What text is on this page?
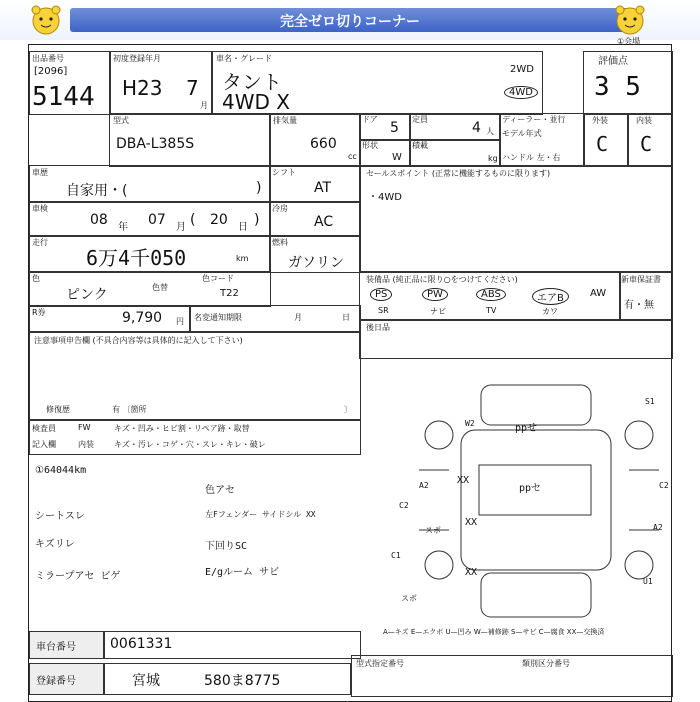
完全ゼロ切りコーナー
出品番号
[2096]
5144
初度登録年月
H23 7
月
車名・グレード
タント
4WD X
2WD
4WD
評価点
3 5
①会場
型式
DBA-L385S
排気量
660
cc
ドア
5
定員
4 人
ディーラー・並行
モデル年式
ハンドル 左・右
形状
W
積載
kg
外装
C
内装
C
車歴
自家用・(	)
シフト
AT
セールスポイント (正常に機能するものに限ります)
・4WD
車検
08 年 07 月 ( 20 日 )
冷房
AC
走行
6万4千050	km
燃料
ガソリン
色
ピンク	色替
色コード
T22
装備品 (純正品に限り○をつけてください)
PS	PW	ABS	エアB	AW
SR	ナビ	TV	カワ
新車保証書
有・無
R券	9,790 円 名変通知期限	月	日
後日品
注意事項申告欄 (不具合内容等は具体的に記入して下さい)
修復歴	有 〔箇所	〕
検査員	FW	キズ・凹み・ヒビ割・リペア跡・取替
記入欄	内装	キズ・汚レ・コゲ・穴・スレ・キレ・破レ
①64044km
シートスレ
キズリレ
ミラープアセ ビゲ
色アセ
左Fフェンダー サイドシル XX
下回りSC
E/gルーム サビ
S1
W2	ppせ
C2
A2	ppセ
XX
XX
XX
C2
C1
A2
U1
スポ
スポ
A—キズ E—エクボ U—凹み W—補修跡 S—サビ C—腐食 XX—交換済
車台番号 0061331
登録番号	宮城	580ま8775
型式指定番号	類別区分番号
